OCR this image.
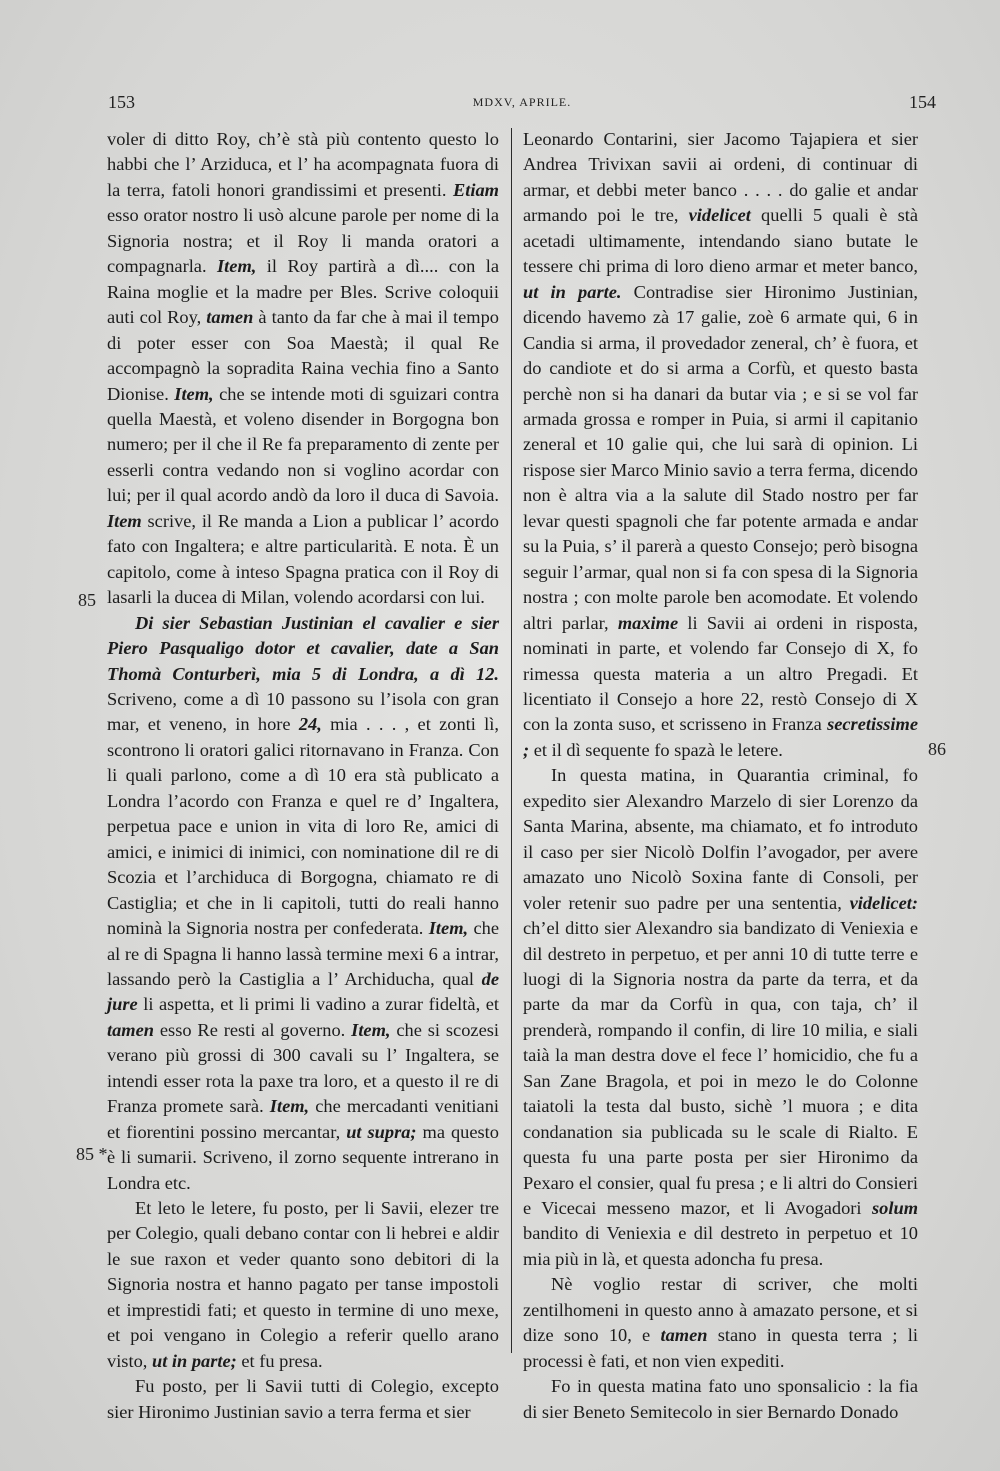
153	MDXV, APRILE.	154
85
85 *
86

voler di ditto Roy, ch’è stà più contento questo lo habbi che l’ Arziduca, et l’ ha acompagnata fuora di la terra, fatoli honori grandissimi et presenti. Etiam esso orator nostro li usò alcune parole per nome di la Signoria nostra; et il Roy li manda oratori a compagnarla. Item, il Roy partirà a dì.... con la Raina moglie et la madre per Bles. Scrive coloquii auti col Roy, tamen à tanto da far che à mai il tempo di poter esser con Soa Maestà; il qual Re accompagnò la sopradita Raina vechia fino a Santo Dionise. Item, che se intende moti di sguizari contra quella Maestà, et voleno disender in Borgogna bon numero; per il che il Re fa preparamento di zente per esserli contra vedando non si voglino acordar con lui; per il qual acordo andò da loro il duca di Savoia. Item scrive, il Re manda a Lion a publicar l’ acordo fato con Ingaltera; e altre particularità. E nota. È un capitolo, come à inteso Spagna pratica con il Roy di lasarli la ducea di Milan, volendo acordarsi con lui.

Di sier Sebastian Justinian el cavalier e sier Piero Pasqualigo dotor et cavalier, date a San Thomà Conturberì, mia 5 di Londra, a dì 12. Scriveno, come a dì 10 passono su l’isola con gran mar, et veneno, in hore 24, mia . . . , et zonti lì, scontrono li oratori galici ritornavano in Franza. Con li quali parlono, come a dì 10 era stà publicato a Londra l’acordo con Franza e quel re d’ Ingaltera, perpetua pace e union in vita di loro Re, amici di amici, e inimici di inimici, con nominatione dil re di Scozia et l’archiduca di Borgogna, chiamato re di Castiglia; et che in li capitoli, tutti do reali hanno nominà la Signoria nostra per confederata. Item, che al re di Spagna li hanno lassà termine mexi 6 a intrar, lassando però la Castiglia a l’ Archiducha, qual de jure li aspetta, et li primi li vadino a zurar fideltà, et tamen esso Re resti al governo. Item, che si scozesi verano più grossi di 300 cavali su l’ Ingaltera, se intendi esser rota la paxe tra loro, et a questo il re di Franza promete sarà. Item, che mercadanti venitiani et fiorentini possino mercantar, ut supra; ma questo è li sumarii. Scriveno, il zorno sequente intrerano in Londra etc.

Et leto le letere, fu posto, per li Savii, elezer tre per Colegio, quali debano contar con li hebrei e aldir le sue raxon et veder quanto sono debitori di la Signoria nostra et hanno pagato per tanse impostoli et imprestidi fati; et questo in termine di uno mexe, et poi vengano in Colegio a referir quello arano visto, ut in parte; et fu presa.

Fu posto, per li Savii tutti di Colegio, excepto sier Hironimo Justinian savio a terra ferma et sier

Leonardo Contarini, sier Jacomo Tajapiera et sier Andrea Trivixan savii ai ordeni, di continuar di armar, et debbi meter banco . . . . do galie et andar armando poi le tre, videlicet quelli 5 quali è stà acetadi ultimamente, intendando siano butate le tessere chi prima di loro dieno armar et meter banco, ut in parte. Contradise sier Hironimo Justinian, dicendo havemo zà 17 galie, zoè 6 armate qui, 6 in Candia si arma, il provedador zeneral, ch’ è fuora, et do candiote et do si arma a Corfù, et questo basta perchè non si ha danari da butar via ; e si se vol far armada grossa e romper in Puia, si armi il capitanio zeneral et 10 galie qui, che lui sarà di opinion. Li rispose sier Marco Minio savio a terra ferma, dicendo non è altra via a la salute dil Stado nostro per far levar questi spagnoli che far potente armada e andar su la Puia, s’ il parerà a questo Consejo; però bisogna seguir l’armar, qual non si fa con spesa di la Signoria nostra ; con molte parole ben acomodate. Et volendo altri parlar, maxime li Savii ai ordeni in risposta, nominati in parte, et volendo far Consejo di X, fo rimessa questa materia a un altro Pregadi. Et licentiato il Consejo a hore 22, restò Consejo di X con la zonta suso, et scrisseno in Franza secretissime ; et il dì sequente fo spazà le letere.

In questa matina, in Quarantia criminal, fo expedito sier Alexandro Marzelo di sier Lorenzo da Santa Marina, absente, ma chiamato, et fo introduto il caso per sier Nicolò Dolfin l’avogador, per avere amazato uno Nicolò Soxina fante di Consoli, per voler retenir suo padre per una sententia, videlicet: ch’el ditto sier Alexandro sia bandizato di Veniexia e dil destreto in perpetuo, et per anni 10 di tutte terre e luogi di la Signoria nostra da parte da terra, et da parte da mar da Corfù in qua, con taja, ch’ il prenderà, rompando il confin, di lire 10 milia, e siali taià la man destra dove el fece l’ homicidio, che fu a San Zane Bragola, et poi in mezo le do Colonne taiatoli la testa dal busto, sichè ’l muora ; e dita condanation sia publicada su le scale di Rialto. E questa fu una parte posta per sier Hironimo da Pexaro el consier, qual fu presa ; e li altri do Consieri e Vicecai messeno mazor, et li Avogadori solum bandito di Veniexia e dil destreto in perpetuo et 10 mia più in là, et questa adoncha fu presa.

Nè voglio restar di scriver, che molti zentilhomeni in questo anno à amazato persone, et si dize sono 10, e tamen stano in questa terra ; li processi è fati, et non vien expediti.

Fo in questa matina fato uno sponsalicio : la fia di sier Beneto Semitecolo in sier Bernardo Donado
